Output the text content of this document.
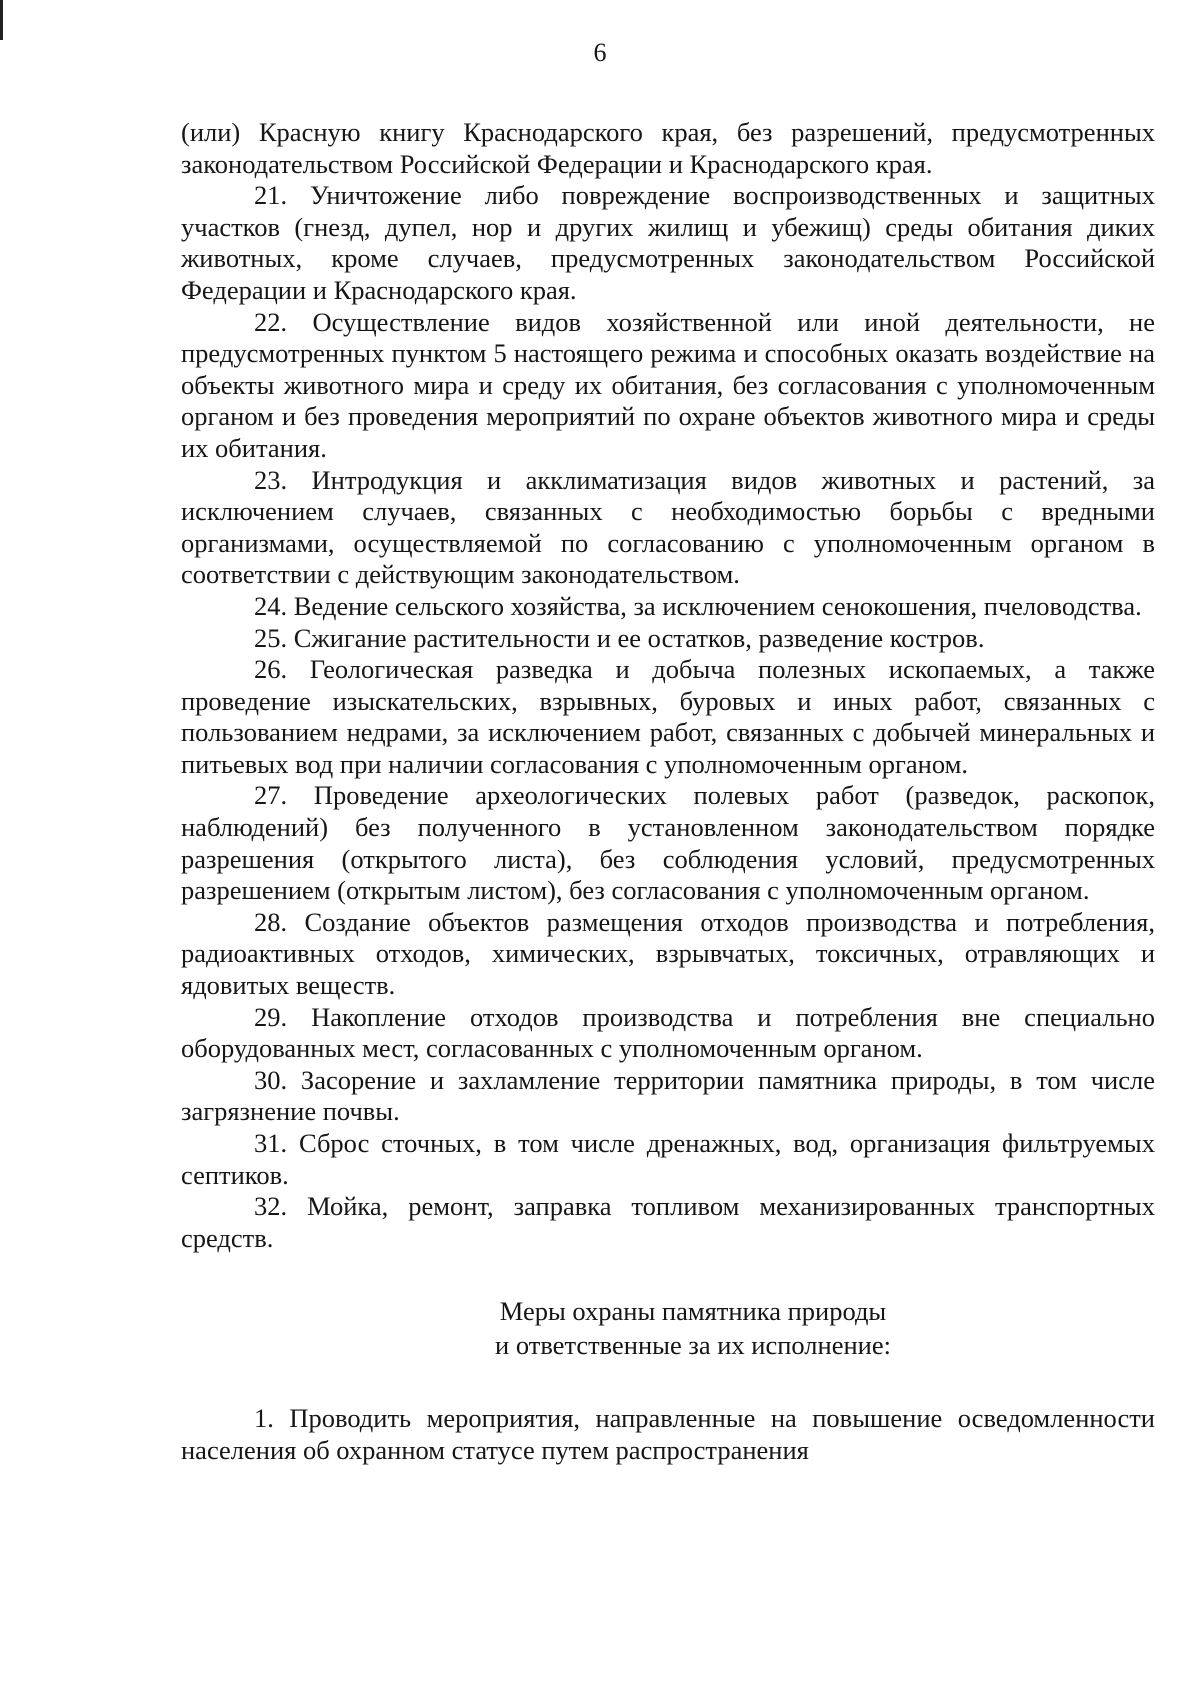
6

(или) Красную книгу Краснодарского края, без разрешений, предусмотренных законодательством Российской Федерации и Краснодарского края.

21. Уничтожение либо повреждение воспроизводственных и защитных участков (гнезд, дупел, нор и других жилищ и убежищ) среды обитания диких животных, кроме случаев, предусмотренных законодательством Российской Федерации и Краснодарского края.

22. Осуществление видов хозяйственной или иной деятельности, не предусмотренных пунктом 5 настоящего режима и способных оказать воздействие на объекты животного мира и среду их обитания, без согласования с уполномоченным органом и без проведения мероприятий по охране объектов животного мира и среды их обитания.

23. Интродукция и акклиматизация видов животных и растений, за исключением случаев, связанных с необходимостью борьбы с вредными организмами, осуществляемой по согласованию с уполномоченным органом в соответствии с действующим законодательством.

24. Ведение сельского хозяйства, за исключением сенокошения, пчеловодства.

25. Сжигание растительности и ее остатков, разведение костров.

26. Геологическая разведка и добыча полезных ископаемых, а также проведение изыскательских, взрывных, буровых и иных работ, связанных с пользованием недрами, за исключением работ, связанных с добычей минеральных и питьевых вод при наличии согласования с уполномоченным органом.

27. Проведение археологических полевых работ (разведок, раскопок, наблюдений) без полученного в установленном законодательством порядке разрешения (открытого листа), без соблюдения условий, предусмотренных разрешением (открытым листом), без согласования с уполномоченным органом.

28. Создание объектов размещения отходов производства и потребления, радиоактивных отходов, химических, взрывчатых, токсичных, отравляющих и ядовитых веществ.

29. Накопление отходов производства и потребления вне специально оборудованных мест, согласованных с уполномоченным органом.

30. Засорение и захламление территории памятника природы, в том числе загрязнение почвы.

31. Сброс сточных, в том числе дренажных, вод, организация фильтруемых септиков.

32. Мойка, ремонт, заправка топливом механизированных транспортных средств.

Меры охраны памятника природы
и ответственные за их исполнение:

1. Проводить мероприятия, направленные на повышение осведомленности населения об охранном статусе путем распространения
